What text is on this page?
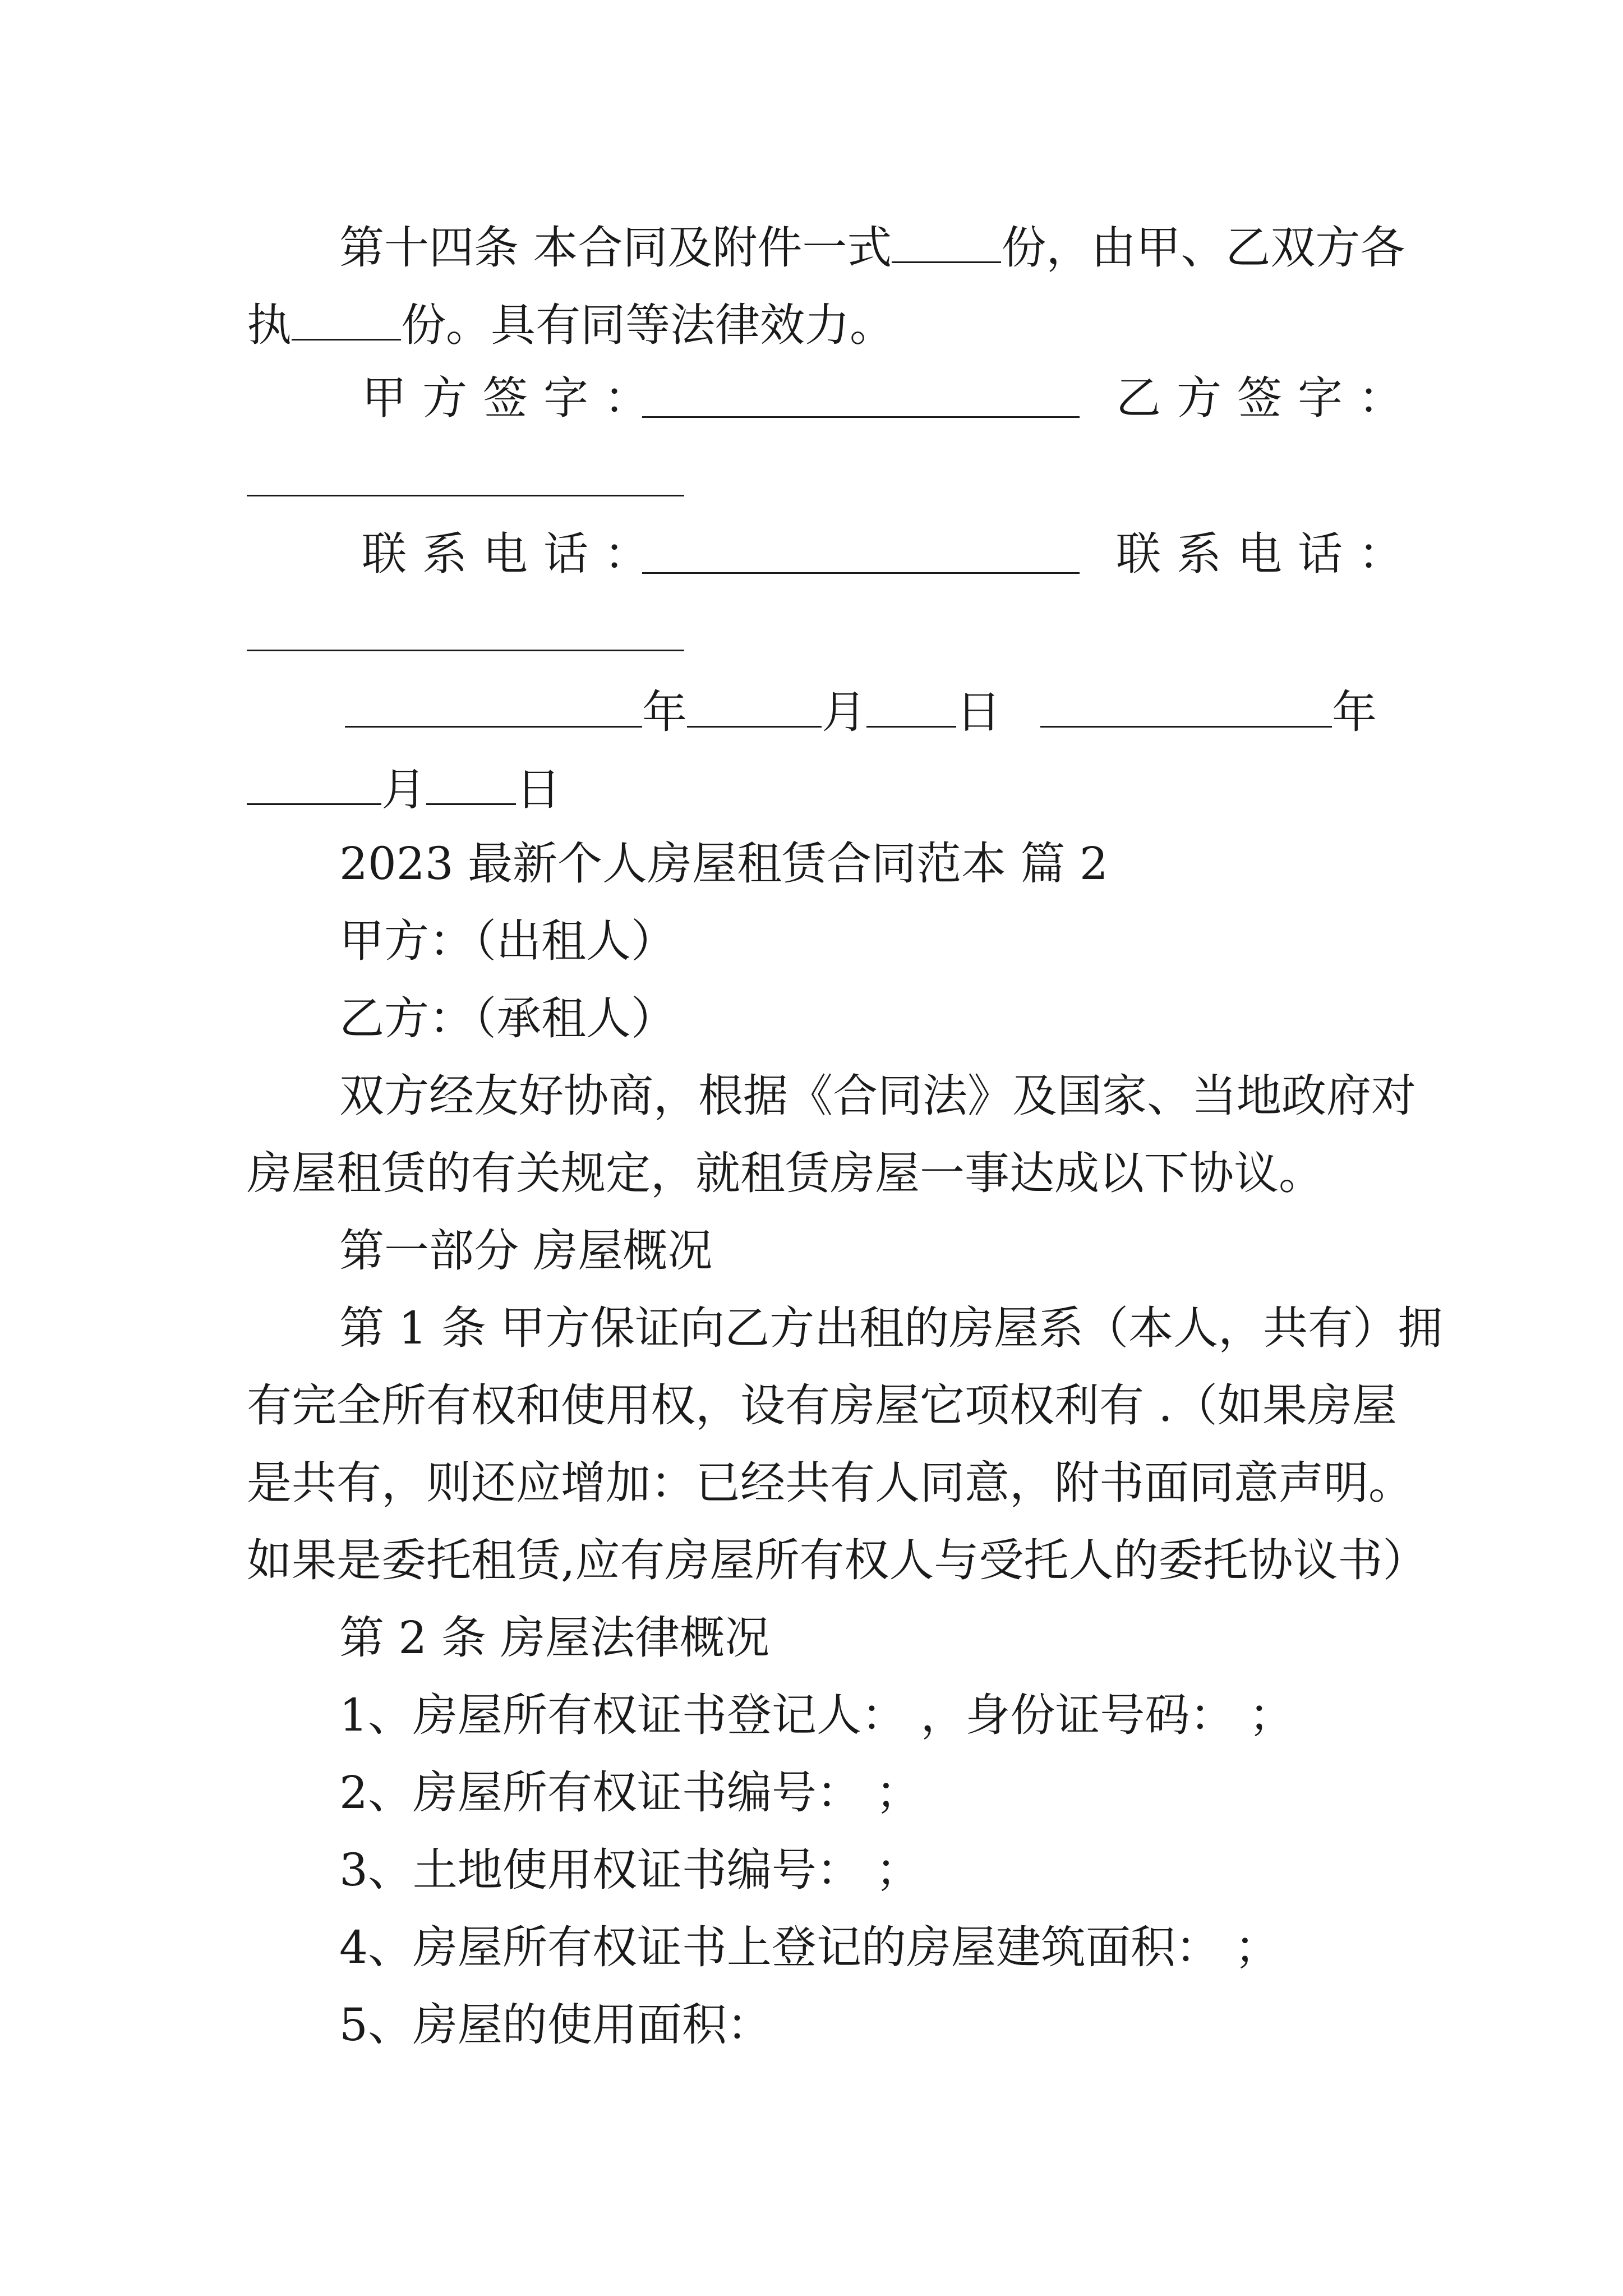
第十四条 本合同及附件一式 份，由甲、乙双方各
执 份。具有同等法律效力。
甲方签字：	乙方签字：
联系电话：	联系电话：
年	月 日	年
月 日
2023 最新个人房屋租赁合同范本 篇 2
甲方：（出租人）
乙方：（承租人）
双方经友好协商，根据《合同法》及国家、当地政府对
房屋租赁的有关规定，就租赁房屋一事达成以下协议。
第一部分 房屋概况
第 1 条 甲方保证向乙方出租的房屋系（本人，共有）拥
有完全所有权和使用权，设有房屋它项权利有 .（如果房屋
是共有，则还应增加：已经共有人同意，附书面同意声明。
如果是委托租赁,应有房屋所有权人与受托人的委托协议书）
第 2 条 房屋法律概况
1、房屋所有权证书登记人： ，身份证号码： ；
2、房屋所有权证书编号： ；
3、土地使用权证书编号： ；
4、房屋所有权证书上登记的房屋建筑面积： ；
5、房屋的使用面积：
